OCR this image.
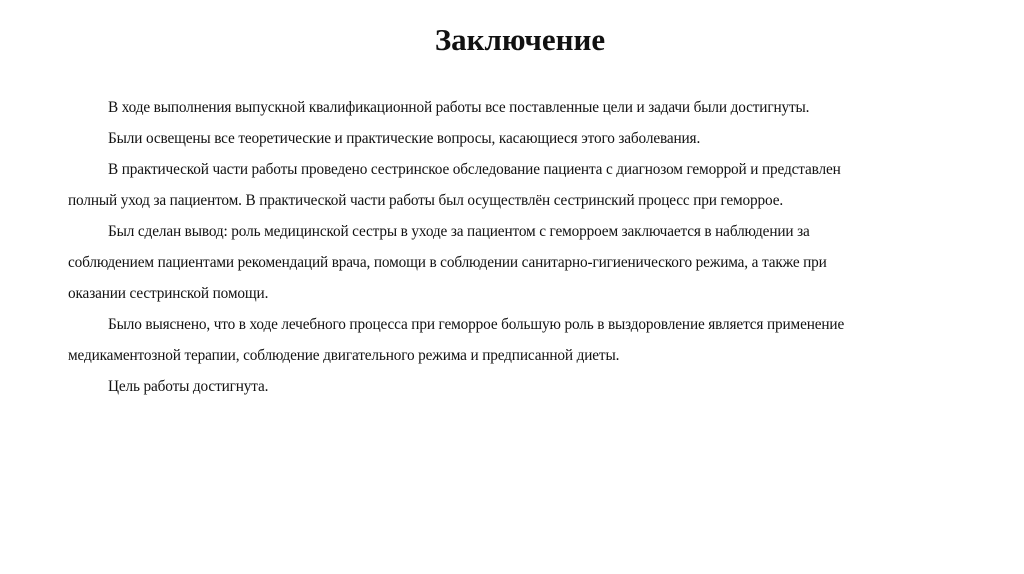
Заключение
В ходе выполнения выпускной квалификационной работы все поставленные цели и задачи были достигнуты.
Были освещены все теоретические и практические вопросы, касающиеся этого заболевания.
В практической части работы проведено сестринское обследование пациента с диагнозом геморрой и представлен
полный уход за пациентом. В практической части работы был осуществлён сестринский процесс при геморрое.
Был сделан вывод: роль медицинской сестры в уходе за пациентом с геморроем заключается в наблюдении за
соблюдением пациентами рекомендаций врача, помощи в соблюдении санитарно-гигиенического режима, а также при
оказании сестринской помощи.
Было выяснено, что в ходе лечебного процесса при геморрое большую роль в выздоровление является применение
медикаментозной терапии, соблюдение двигательного режима и предписанной диеты.
Цель работы достигнута.
